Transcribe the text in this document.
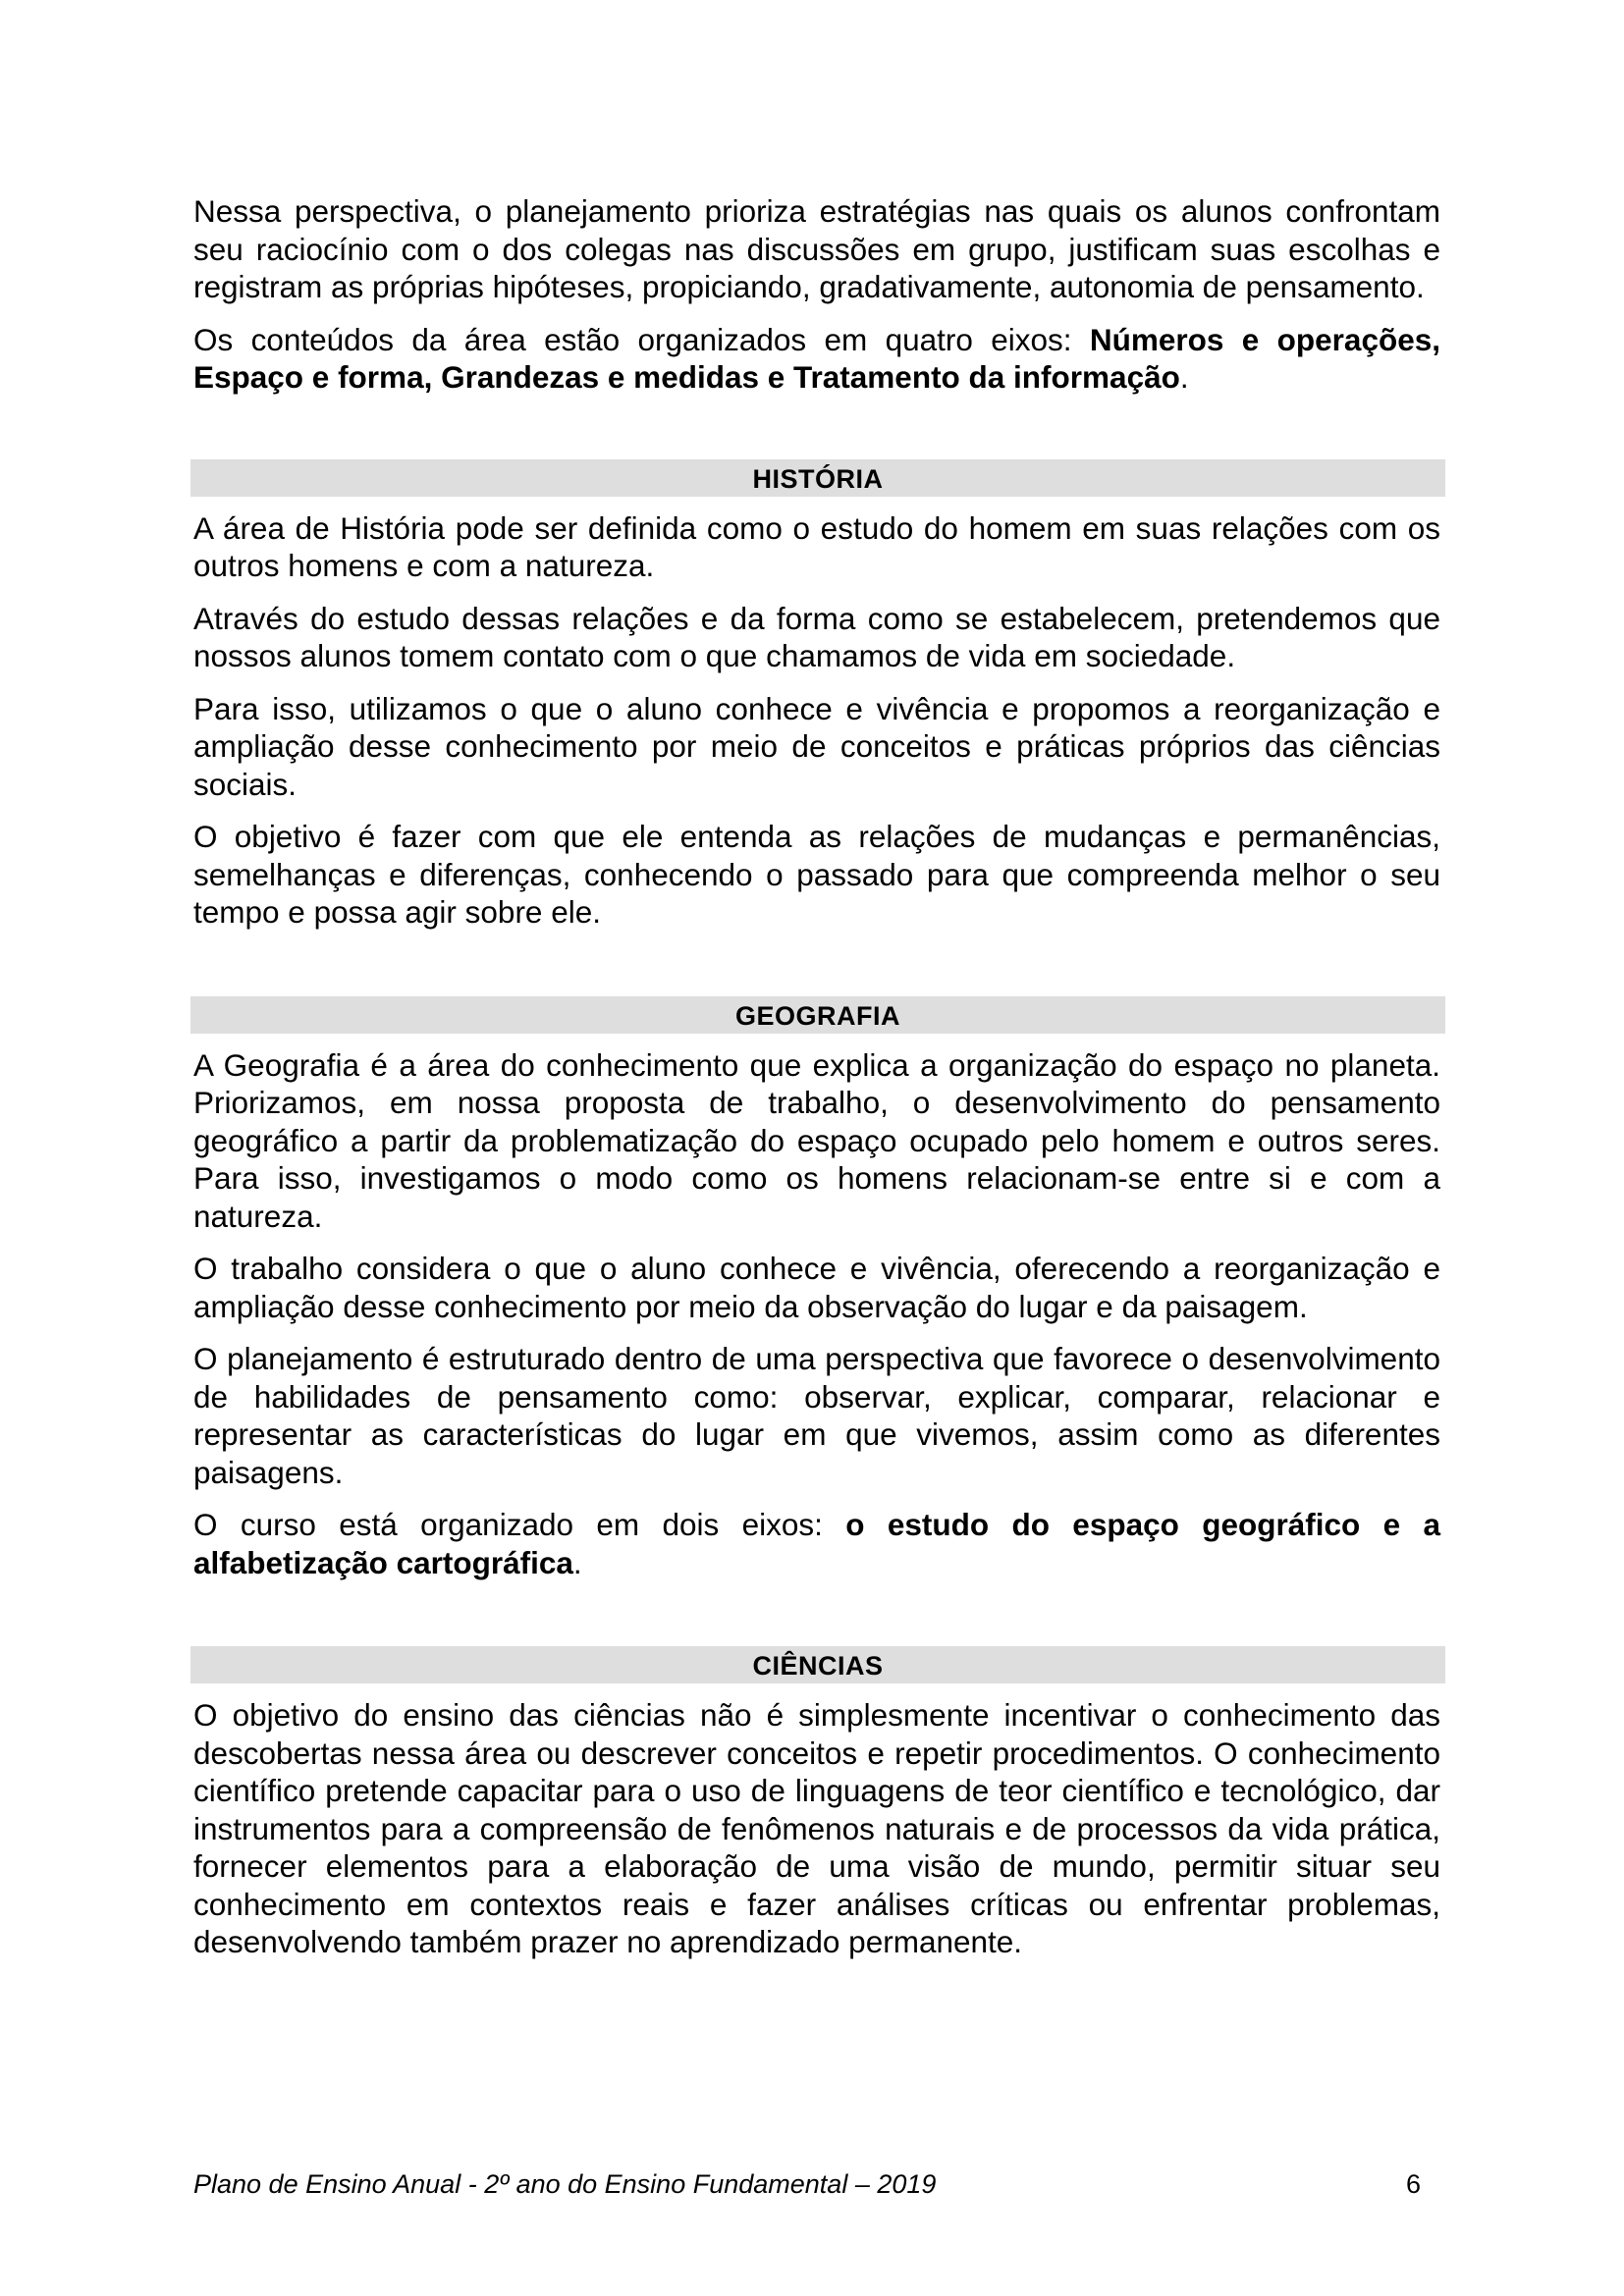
Nessa perspectiva, o planejamento prioriza estratégias nas quais os alunos confrontam seu raciocínio com o dos colegas nas discussões em grupo, justificam suas escolhas e registram as próprias hipóteses, propiciando, gradativamente, autonomia de pensamento.

Os conteúdos da área estão organizados em quatro eixos: Números e operações, Espaço e forma, Grandezas e medidas e Tratamento da informação.

HISTÓRIA

A área de História pode ser definida como o estudo do homem em suas relações com os outros homens e com a natureza.

Através do estudo dessas relações e da forma como se estabelecem, pretendemos que nossos alunos tomem contato com o que chamamos de vida em sociedade.

Para isso, utilizamos o que o aluno conhece e vivência e propomos a reorganização e ampliação desse conhecimento por meio de conceitos e práticas próprios das ciências sociais.

O objetivo é fazer com que ele entenda as relações de mudanças e permanências, semelhanças e diferenças, conhecendo o passado para que compreenda melhor o seu tempo e possa agir sobre ele.

GEOGRAFIA

A Geografia é a área do conhecimento que explica a organização do espaço no planeta. Priorizamos, em nossa proposta de trabalho, o desenvolvimento do pensamento geográfico a partir da problematização do espaço ocupado pelo homem e outros seres. Para isso, investigamos o modo como os homens relacionam-se entre si e com a natureza.

O trabalho considera o que o aluno conhece e vivência, oferecendo a reorganização e ampliação desse conhecimento por meio da observação do lugar e da paisagem.

O planejamento é estruturado dentro de uma perspectiva que favorece o desenvolvimento de habilidades de pensamento como: observar, explicar, comparar, relacionar e representar as características do lugar em que vivemos, assim como as diferentes paisagens.

O curso está organizado em dois eixos: o estudo do espaço geográfico e a alfabetização cartográfica.

CIÊNCIAS

O objetivo do ensino das ciências não é simplesmente incentivar o conhecimento das descobertas nessa área ou descrever conceitos e repetir procedimentos. O conhecimento científico pretende capacitar para o uso de linguagens de teor científico e tecnológico, dar instrumentos para a compreensão de fenômenos naturais e de processos da vida prática, fornecer elementos para a elaboração de uma visão de mundo, permitir situar seu conhecimento em contextos reais e fazer análises críticas ou enfrentar problemas, desenvolvendo também prazer no aprendizado permanente.

Plano de Ensino Anual - 2º ano do Ensino Fundamental – 2019	6
